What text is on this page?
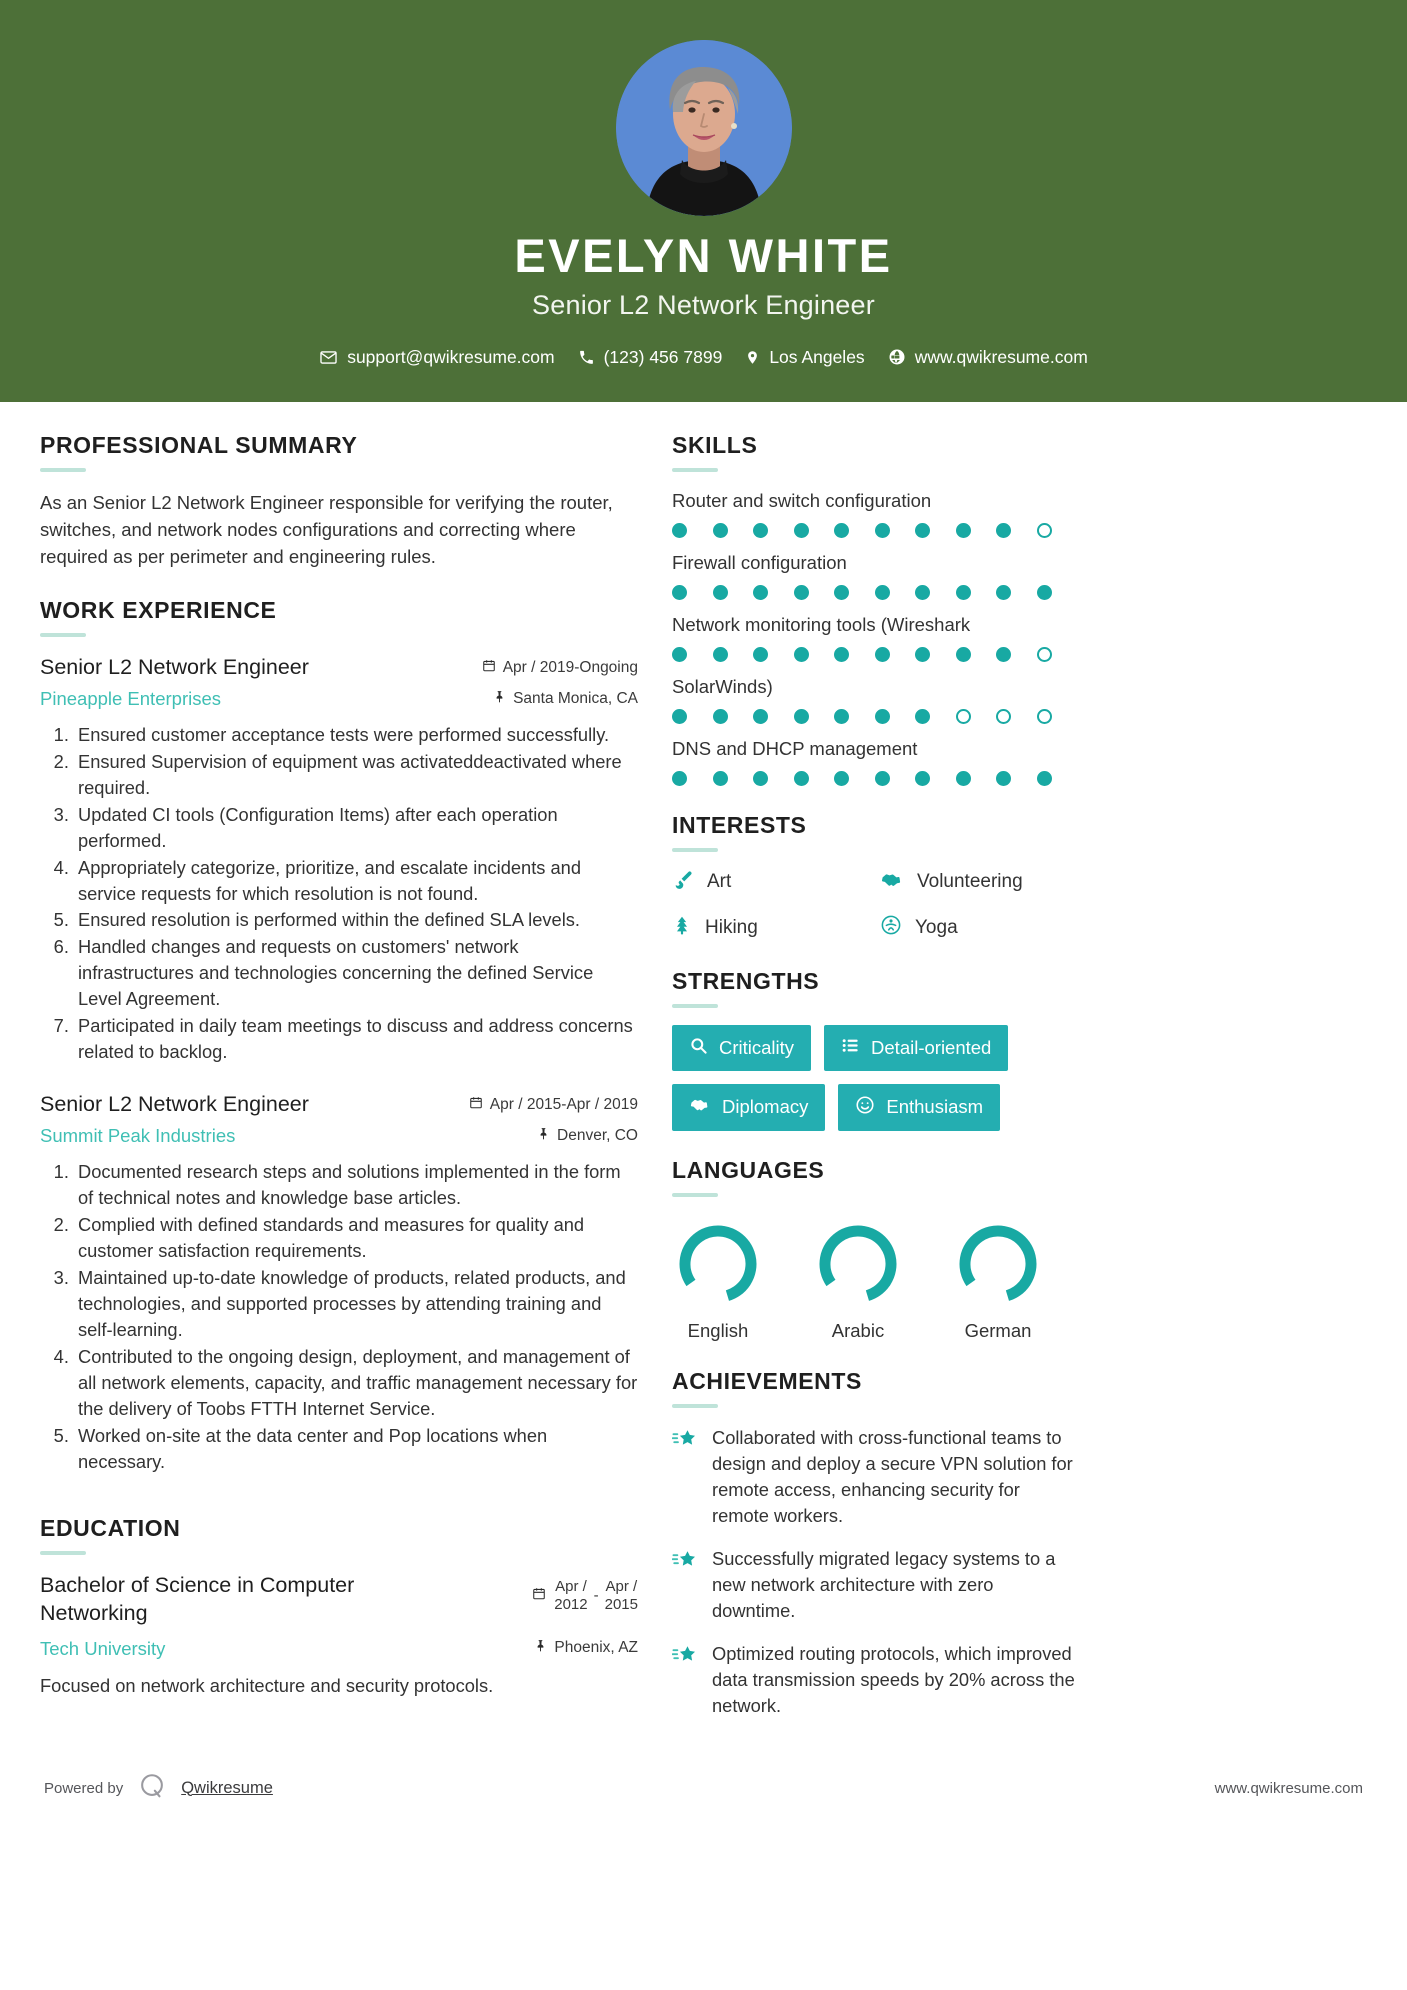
EVELYN WHITE
Senior L2 Network Engineer
support@qwikresume.com	(123) 456 7899	Los Angeles	www.qwikresume.com
PROFESSIONAL SUMMARY
As an Senior L2 Network Engineer responsible for verifying the router, switches, and network nodes configurations and correcting where required as per perimeter and engineering rules.
WORK EXPERIENCE
Senior L2 Network Engineer
Pineapple Enterprises
Apr / 2019-Ongoing
Santa Monica, CA
1. Ensured customer acceptance tests were performed successfully.
2. Ensured Supervision of equipment was activateddeactivated where required.
3. Updated CI tools (Configuration Items) after each operation performed.
4. Appropriately categorize, prioritize, and escalate incidents and service requests for which resolution is not found.
5. Ensured resolution is performed within the defined SLA levels.
6. Handled changes and requests on customers' network infrastructures and technologies concerning the defined Service Level Agreement.
7. Participated in daily team meetings to discuss and address concerns related to backlog.
Senior L2 Network Engineer
Summit Peak Industries
Apr / 2015-Apr / 2019
Denver, CO
1. Documented research steps and solutions implemented in the form of technical notes and knowledge base articles.
2. Complied with defined standards and measures for quality and customer satisfaction requirements.
3. Maintained up-to-date knowledge of products, related products, and technologies, and supported processes by attending training and self-learning.
4. Contributed to the ongoing design, deployment, and management of all network elements, capacity, and traffic management necessary for the delivery of Toobs FTTH Internet Service.
5. Worked on-site at the data center and Pop locations when necessary.
EDUCATION
Bachelor of Science in Computer Networking
Tech University
Apr /
2012 -
Apr /
2015
Phoenix, AZ
Focused on network architecture and security protocols.
SKILLS
Router and switch configuration
Firewall configuration
Network monitoring tools (Wireshark
SolarWinds)
DNS and DHCP management
INTERESTS
Art	Volunteering
Hiking	Yoga
STRENGTHS
Criticality	Detail-oriented
Diplomacy	Enthusiasm
LANGUAGES
English	Arabic	German
ACHIEVEMENTS
Collaborated with cross-functional teams to design and deploy a secure VPN solution for remote access, enhancing security for remote workers.
Successfully migrated legacy systems to a new network architecture with zero downtime.
Optimized routing protocols, which improved data transmission speeds by 20% across the network.
Powered by	Qwikresume	www.qwikresume.com
